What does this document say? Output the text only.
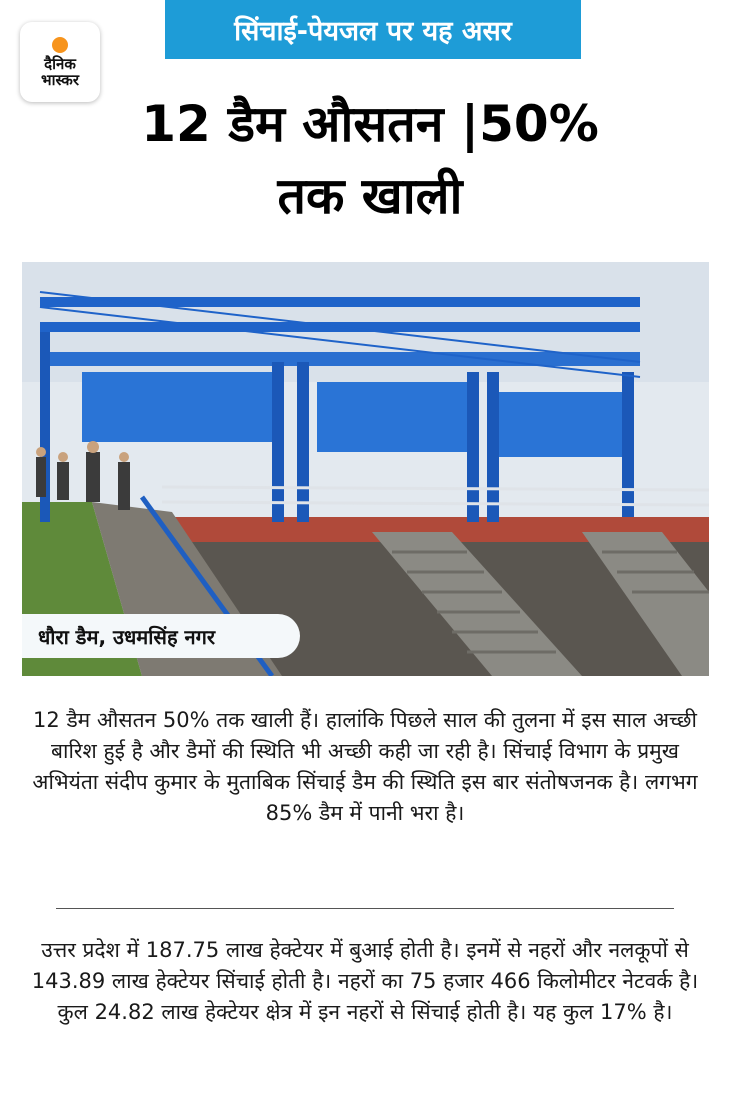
दैनिक
भास्कर
सिंचाई-पेयजल पर यह असर
12 डैम औसतन |50%
तक खाली
धौरा डैम, उधमसिंह नगर

12 डैम औसतन 50% तक खाली हैं। हालांकि पिछले साल की तुलना में इस साल अच्छी बारिश हुई है और डैमों की स्थिति भी अच्छी कही जा रही है। सिंचाई विभाग के प्रमुख अभियंता संदीप कुमार के मुताबिक सिंचाई डैम की स्थिति इस बार संतोषजनक है। लगभग 85% डैम में पानी भरा है।

उत्तर प्रदेश में 187.75 लाख हेक्टेयर में बुआई होती है। इनमें से नहरों और नलकूपों से 143.89 लाख हेक्टेयर सिंचाई होती है। नहरों का 75 हजार 466 किलोमीटर नेटवर्क है। कुल 24.82 लाख हेक्टेयर क्षेत्र में इन नहरों से सिंचाई होती है। यह कुल 17% है।
